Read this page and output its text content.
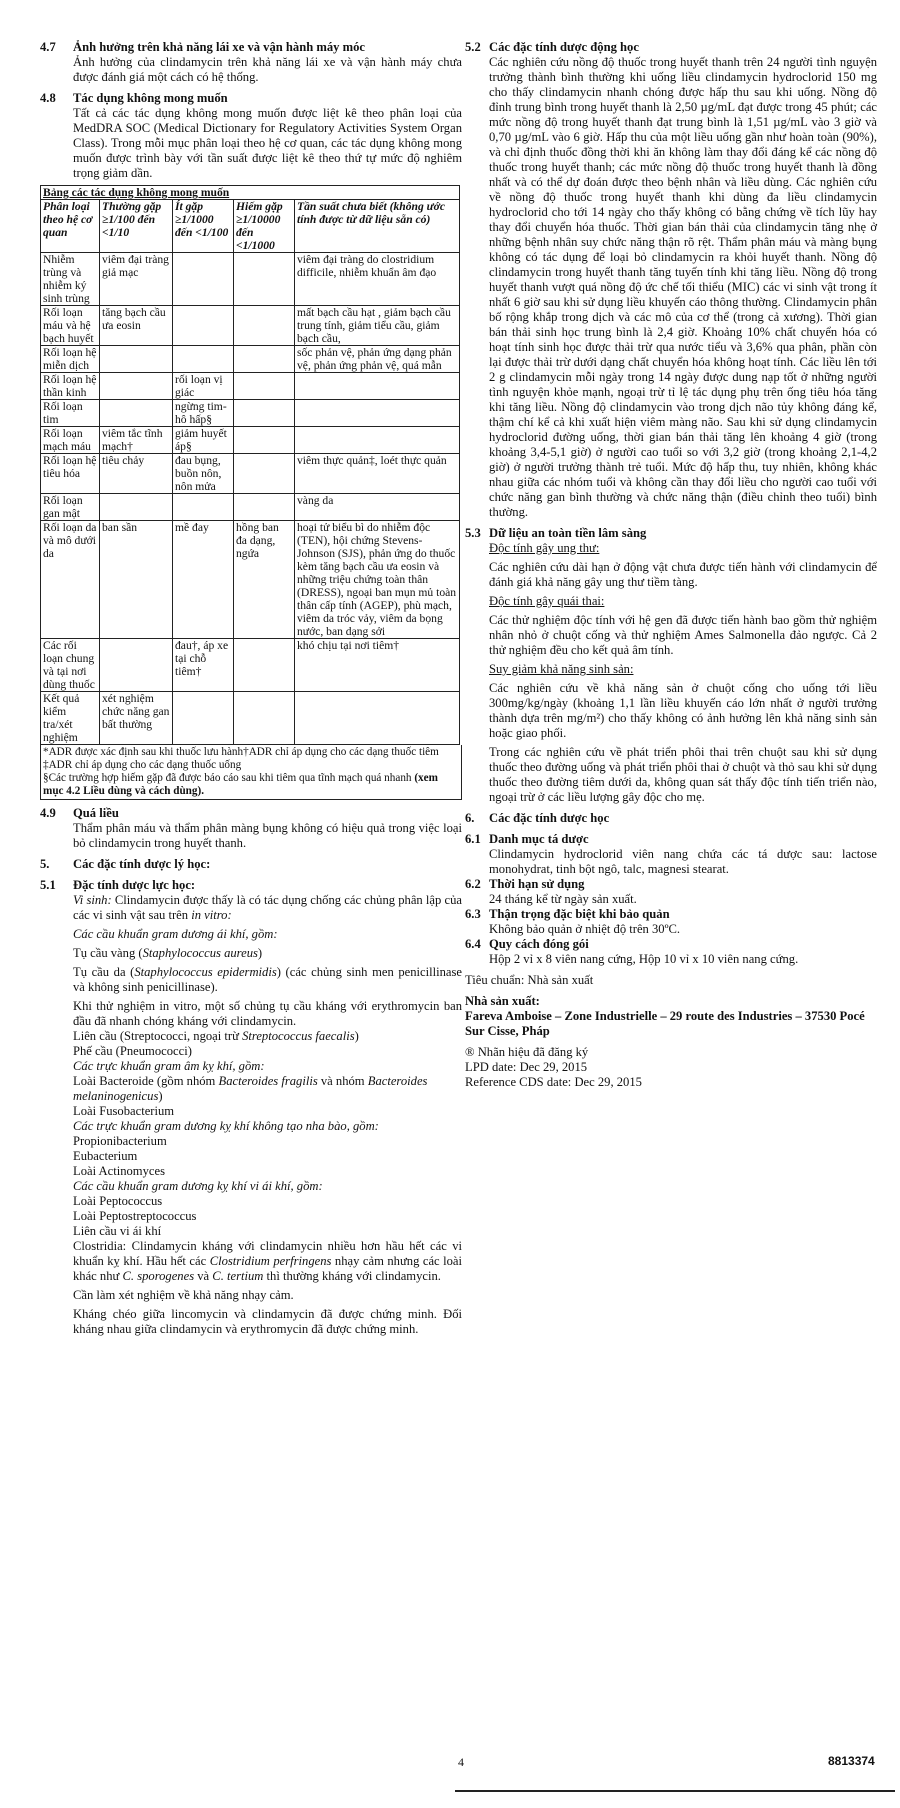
4.7 Ảnh hưởng trên khả năng lái xe và vận hành máy móc
Ảnh hưởng của clindamycin trên khả năng lái xe và vận hành máy chưa được đánh giá một cách có hệ thống.
4.8 Tác dụng không mong muốn
Tất cả các tác dụng không mong muốn được liệt kê theo phân loại của MedDRA SOC (Medical Dictionary for Regulatory Activities System Organ Class). Trong mỗi mục phân loại theo hệ cơ quan, các tác dụng không mong muốn được trình bày với tần suất được liệt kê theo thứ tự mức độ nghiêm trọng giảm dần.
Bảng các tác dụng không mong muốn				
Phân loại theo hệ cơ quan	Thường gặp ≥1/100 đến <1/10	Ít gặp ≥1/1000 đến <1/100	Hiếm gặp ≥1/10000 đến <1/1000	Tần suất chưa biết (không ước tính được từ dữ liệu sẵn có)
Nhiễm trùng và nhiễm ký sinh trùng	viêm đại tràng giả mạc			viêm đại tràng do clostridium difficile, nhiễm khuẩn âm đạo
Rối loạn máu và hệ bạch huyết	tăng bạch cầu ưa eosin			mất bạch cầu hạt , giảm bạch cầu trung tính, giảm tiểu cầu, giảm bạch cầu,
Rối loạn hệ miễn dịch				sốc phản vệ, phản ứng dạng phản vệ, phản ứng phản vệ, quá mẫn
Rối loạn hệ thần kinh		rối loạn vị giác		
Rối loạn tim		ngừng tim-hô hấp§		
Rối loạn mạch máu	viêm tắc tĩnh mạch†	giảm huyết áp§		
Rối loạn hệ tiêu hóa	tiêu chảy	đau bụng, buồn nôn, nôn mửa		viêm thực quản‡, loét thực quản
Rối loạn gan mật				vàng da
Rối loạn da và mô dưới da	ban sần	mề đay	hồng ban đa dạng, ngứa	hoại tử biểu bì do nhiễm độc (TEN), hội chứng Stevens-Johnson (SJS), phản ứng do thuốc kèm tăng bạch cầu ưa eosin và những triệu chứng toàn thân (DRESS), ngoại ban mụn mủ toàn thân cấp tính (AGEP), phù mạch, viêm da tróc vảy, viêm da bọng nước, ban dạng sởi
Các rối loạn chung và tại nơi dùng thuốc		đau†, áp xe tại chỗ tiêm†		khó chịu tại nơi tiêm†
Kết quả kiểm tra/xét nghiệm	xét nghiệm chức năng gan bất thường			
*ADR được xác định sau khi thuốc lưu hành†ADR chỉ áp dụng cho các dạng thuốc tiêm
‡ADR chỉ áp dụng cho các dạng thuốc uống
§Các trường hợp hiếm gặp đã được báo cáo sau khi tiêm qua tĩnh mạch quá nhanh (xem mục 4.2 Liều dùng và cách dùng).
4.9 Quá liều
Thẩm phân máu và thẩm phân màng bụng không có hiệu quả trong việc loại bỏ clindamycin trong huyết thanh.
5. Các đặc tính dược lý học:
5.1 Đặc tính dược lực học:
Vi sinh: Clindamycin được thấy là có tác dụng chống các chủng phân lập của các vi sinh vật sau trên in vitro:
Các cầu khuẩn gram dương ái khí, gồm:
Tụ cầu vàng (Staphylococcus aureus)
Tụ cầu da (Staphylococcus epidermidis) (các chủng sinh men penicillinase và không sinh penicillinase).
Khi thử nghiệm in vitro, một số chủng tụ cầu kháng với erythromycin ban đầu đã nhanh chóng kháng với clindamycin.
Liên cầu (Streptococci, ngoại trừ Streptococcus faecalis)
Phế cầu (Pneumococci)
Các trực khuẩn gram âm kỵ khí, gồm:
Loài Bacteroide (gồm nhóm Bacteroides fragilis và nhóm Bacteroides melaninogenicus)
Loài Fusobacterium
Các trực khuẩn gram dương kỵ khí không tạo nha bào, gồm:
Propionibacterium
Eubacterium
Loài Actinomyces
Các cầu khuẩn gram dương kỵ khí vi ái khí, gồm:
Loài Peptococcus
Loài Peptostreptococcus
Liên cầu vi ái khí
Clostridia: Clindamycin kháng với clindamycin nhiều hơn hầu hết các vi khuẩn kỵ khí. Hầu hết các Clostridium perfringens nhạy cảm nhưng các loài khác như C. sporogenes và C. tertium thì thường kháng với clindamycin.
Cần làm xét nghiệm về khả năng nhạy cảm.
Kháng chéo giữa lincomycin và clindamycin đã được chứng minh. Đối kháng nhau giữa clindamycin và erythromycin đã được chứng minh.
5.2 Các đặc tính dược động học
Các nghiên cứu nồng độ thuốc trong huyết thanh trên 24 người tình nguyện trưởng thành bình thường khi uống liều clindamycin hydroclorid 150 mg cho thấy clindamycin nhanh chóng được hấp thu sau khi uống. Nồng độ đỉnh trung bình trong huyết thanh là 2,50 µg/mL đạt được trong 45 phút; các mức nồng độ trong huyết thanh đạt trung bình là 1,51 µg/mL vào 3 giờ và 0,70 µg/mL vào 6 giờ. Hấp thu của một liều uống gần như hoàn toàn (90%), và chỉ định thuốc đồng thời khi ăn không làm thay đổi đáng kể các nồng độ thuốc trong huyết thanh; các mức nồng độ thuốc trong huyết thanh là đồng nhất và có thể dự đoán được theo bệnh nhân và liều dùng. Các nghiên cứu về nồng độ thuốc trong huyết thanh khi dùng đa liều clindamycin hydroclorid cho tới 14 ngày cho thấy không có bằng chứng về tích lũy hay thay đổi chuyển hóa thuốc. Thời gian bán thải của clindamycin tăng nhẹ ở những bệnh nhân suy chức năng thận rõ rệt. Thẩm phân máu và màng bụng không có tác dụng để loại bỏ clindamycin ra khỏi huyết thanh. Nồng độ clindamycin trong huyết thanh tăng tuyến tính khi tăng liều. Nồng độ trong huyết thanh vượt quá nồng độ ức chế tối thiểu (MIC) các vi sinh vật trong ít nhất 6 giờ sau khi sử dụng liều khuyến cáo thông thường. Clindamycin phân bố rộng khắp trong dịch và các mô của cơ thể (trong cả xương). Thời gian bán thải sinh học trung bình là 2,4 giờ. Khoảng 10% chất chuyển hóa có hoạt tính sinh học được thải trừ qua nước tiểu và 3,6% qua phân, phần còn lại được thải trừ dưới dạng chất chuyển hóa không hoạt tính. Các liều lên tới 2 g clindamycin mỗi ngày trong 14 ngày được dung nạp tốt ở những người tình nguyện khỏe mạnh, ngoại trừ tỉ lệ tác dụng phụ trên ống tiêu hóa tăng khi tăng liều. Nồng độ clindamycin vào trong dịch não tủy không đáng kể, thậm chí kể cả khi xuất hiện viêm màng não. Sau khi sử dụng clindamycin hydroclorid đường uống, thời gian bán thải tăng lên khoảng 4 giờ (trong khoảng 3,4-5,1 giờ) ở người cao tuổi so với 3,2 giờ (trong khoảng 2,1-4,2 giờ) ở người trưởng thành trẻ tuổi. Mức độ hấp thu, tuy nhiên, không khác nhau giữa các nhóm tuổi và không cần thay đổi liều cho người cao tuổi với chức năng gan bình thường và chức năng thận (điều chỉnh theo tuổi) bình thường.
5.3 Dữ liệu an toàn tiền lâm sàng
Độc tính gây ung thư:
Các nghiên cứu dài hạn ở động vật chưa được tiến hành với clindamycin để đánh giá khả năng gây ung thư tiềm tàng.
Độc tính gây quái thai:
Các thử nghiệm độc tính với hệ gen đã được tiến hành bao gồm thử nghiệm nhân nhỏ ở chuột cống và thử nghiệm Ames Salmonella đảo ngược. Cả 2 thử nghiệm đều cho kết quả âm tính.
Suy giảm khả năng sinh sản:
Các nghiên cứu về khả năng sản ở chuột cống cho uống tới liều 300mg/kg/ngày (khoảng 1,1 lần liều khuyến cáo lớn nhất ở người trưởng thành dựa trên mg/m²) cho thấy không có ảnh hưởng lên khả năng sinh sản hoặc giao phối.
Trong các nghiên cứu về phát triển phôi thai trên chuột sau khi sử dụng thuốc theo đường uống và phát triển phôi thai ở chuột và thỏ sau khi sử dụng thuốc theo đường tiêm dưới da, không quan sát thấy độc tính tiến triển nào, ngoại trừ ở các liều lượng gây độc cho mẹ.
6. Các đặc tính dược học
6.1 Danh mục tá dược
Clindamycin hydroclorid viên nang chứa các tá dược sau: lactose monohydrat, tinh bột ngô, talc, magnesi stearat.
6.2 Thời hạn sử dụng
24 tháng kể từ ngày sản xuất.
6.3 Thận trọng đặc biệt khi bảo quản
Không bảo quản ở nhiệt độ trên 30ºC.
6.4 Quy cách đóng gói
Hộp 2 vỉ x 8 viên nang cứng, Hộp 10 vỉ x 10 viên nang cứng.
Tiêu chuẩn: Nhà sản xuất
Nhà sản xuất:
Fareva Amboise – Zone Industrielle – 29 route des Industries – 37530 Pocé Sur Cisse, Pháp
® Nhãn hiệu đã đăng ký
LPD date: Dec 29, 2015
Reference CDS date: Dec 29, 2015
4	8813374
